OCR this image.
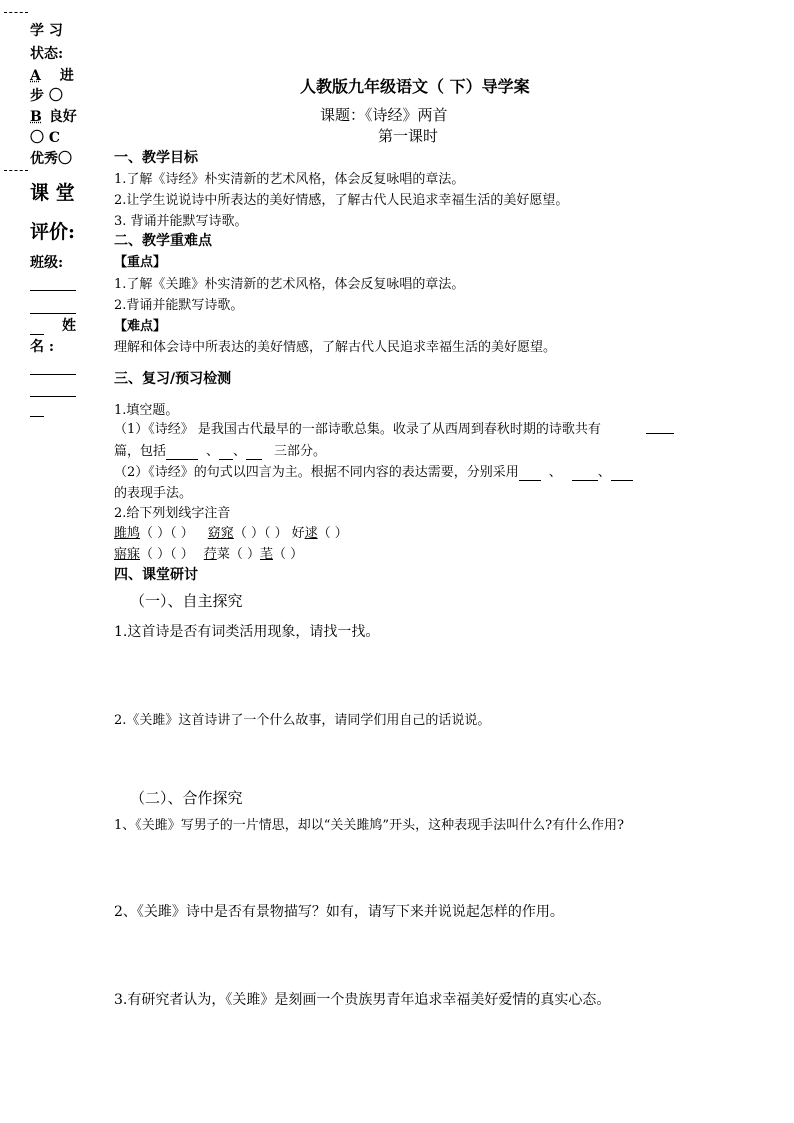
学 习
状态:
A 进
步 〇
B 良好
〇 C
优秀〇
课 堂
评价:
班级:
姓
名 :
人教版九年级语文（ 下）导学案
课题：《诗经》两首
第一课时
一、教学目标
1.了解《诗经》朴实清新的艺术风格，体会反复咏唱的章法。
2.让学生说说诗中所表达的美好情感，了解古代人民追求幸福生活的美好愿望。
3. 背诵并能默写诗歌。
二、教学重难点
【重点】
1.了解《关雎》朴实清新的艺术风格，体会反复咏唱的章法。
2.背诵并能默写诗歌。
【难点】
理解和体会诗中所表达的美好情感，了解古代人民追求幸福生活的美好愿望。
三、复习/预习检测
1.填空题。
（1）《诗经》 是我国古代最早的一部诗歌总集。收录了从西周到春秋时期的诗歌共有
篇，包括	、 、 三部分。
（2）《诗经》的句式以四言为主。根据不同内容的表达需要，分别采用 、	、
的表现手法。
2.给下列划线字注音
雎鸠（ ）（ ） 窈窕（ ）（ ） 好逑（ ）
寤寐（ ）（ ） 荇菜（ ）芼（ ）
四、课堂研讨
（一）、自主探究
1.这首诗是否有词类活用现象，请找一找。
2.《关雎》这首诗讲了一个什么故事，请同学们用自己的话说说。
（二）、合作探究
1、《关雎》写男子的一片情思，却以“关关雎鸠”开头，这种表现手法叫什么?有什么作用?
2、《关雎》诗中是否有景物描写？如有，请写下来并说说起怎样的作用。
3.有研究者认为，《关雎》是刻画一个贵族男青年追求幸福美好爱情的真实心态。
